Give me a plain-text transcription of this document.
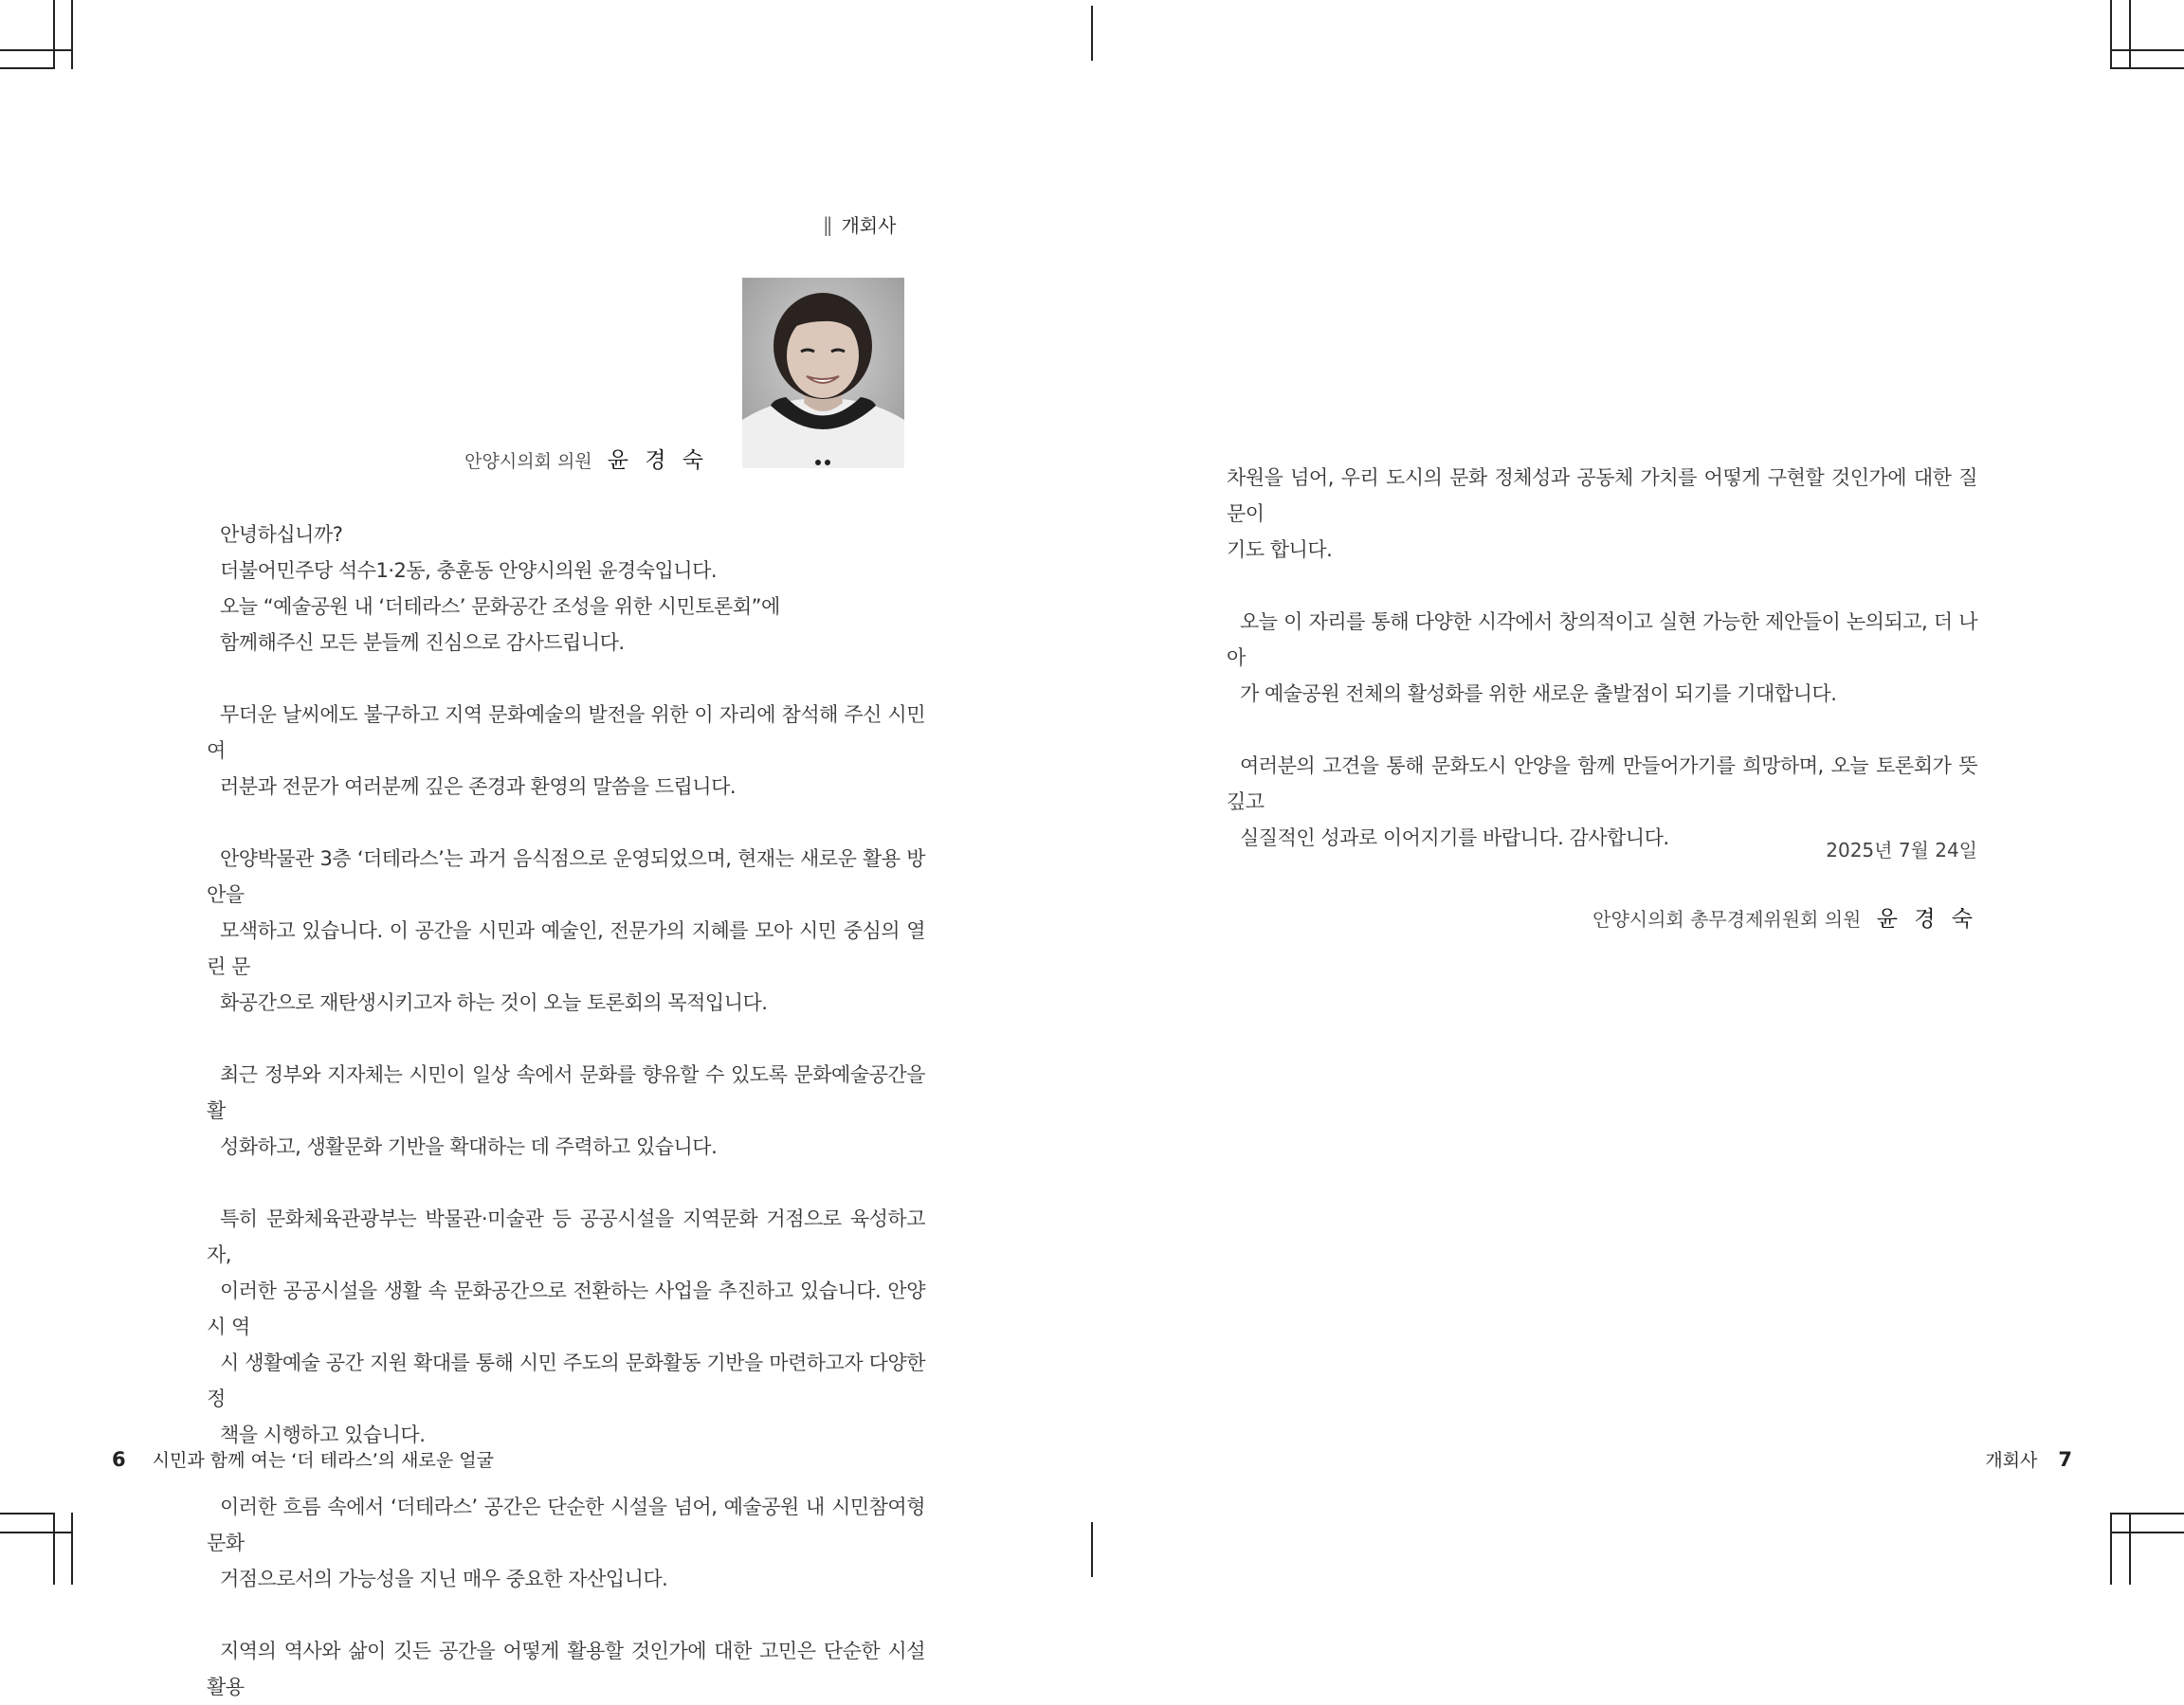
|| 개회사
안양시의회 의원 윤 경 숙

안녕하십니까?
더불어민주당 석수1·2동, 충훈동 안양시의원 윤경숙입니다.
오늘 “예술공원 내 ‘더테라스’ 문화공간 조성을 위한 시민토론회”에
함께해주신 모든 분들께 진심으로 감사드립니다.

무더운 날씨에도 불구하고 지역 문화예술의 발전을 위한 이 자리에 참석해 주신 시민 여
러분과 전문가 여러분께 깊은 존경과 환영의 말씀을 드립니다.

안양박물관 3층 ‘더테라스’는 과거 음식점으로 운영되었으며, 현재는 새로운 활용 방안을
모색하고 있습니다. 이 공간을 시민과 예술인, 전문가의 지혜를 모아 시민 중심의 열린 문
화공간으로 재탄생시키고자 하는 것이 오늘 토론회의 목적입니다.

최근 정부와 지자체는 시민이 일상 속에서 문화를 향유할 수 있도록 문화예술공간을 활
성화하고, 생활문화 기반을 확대하는 데 주력하고 있습니다.

특히 문화체육관광부는 박물관·미술관 등 공공시설을 지역문화 거점으로 육성하고자,
이러한 공공시설을 생활 속 문화공간으로 전환하는 사업을 추진하고 있습니다. 안양시 역
시 생활예술 공간 지원 확대를 통해 시민 주도의 문화활동 기반을 마련하고자 다양한 정
책을 시행하고 있습니다.

이러한 흐름 속에서 ‘더테라스’ 공간은 단순한 시설을 넘어, 예술공원 내 시민참여형 문화
거점으로서의 가능성을 지닌 매우 중요한 자산입니다.

지역의 역사와 삶이 깃든 공간을 어떻게 활용할 것인가에 대한 고민은 단순한 시설 활용

6 시민과 함께 여는 ‘더 테라스’의 새로운 얼굴

차원을 넘어, 우리 도시의 문화 정체성과 공동체 가치를 어떻게 구현할 것인가에 대한 질문이
기도 합니다.

오늘 이 자리를 통해 다양한 시각에서 창의적이고 실현 가능한 제안들이 논의되고, 더 나아
가 예술공원 전체의 활성화를 위한 새로운 출발점이 되기를 기대합니다.

여러분의 고견을 통해 문화도시 안양을 함께 만들어가기를 희망하며, 오늘 토론회가 뜻깊고
실질적인 성과로 이어지기를 바랍니다. 감사합니다.

2025년 7월 24일
안양시의회 총무경제위원회 의원 윤 경 숙
개회사 7
